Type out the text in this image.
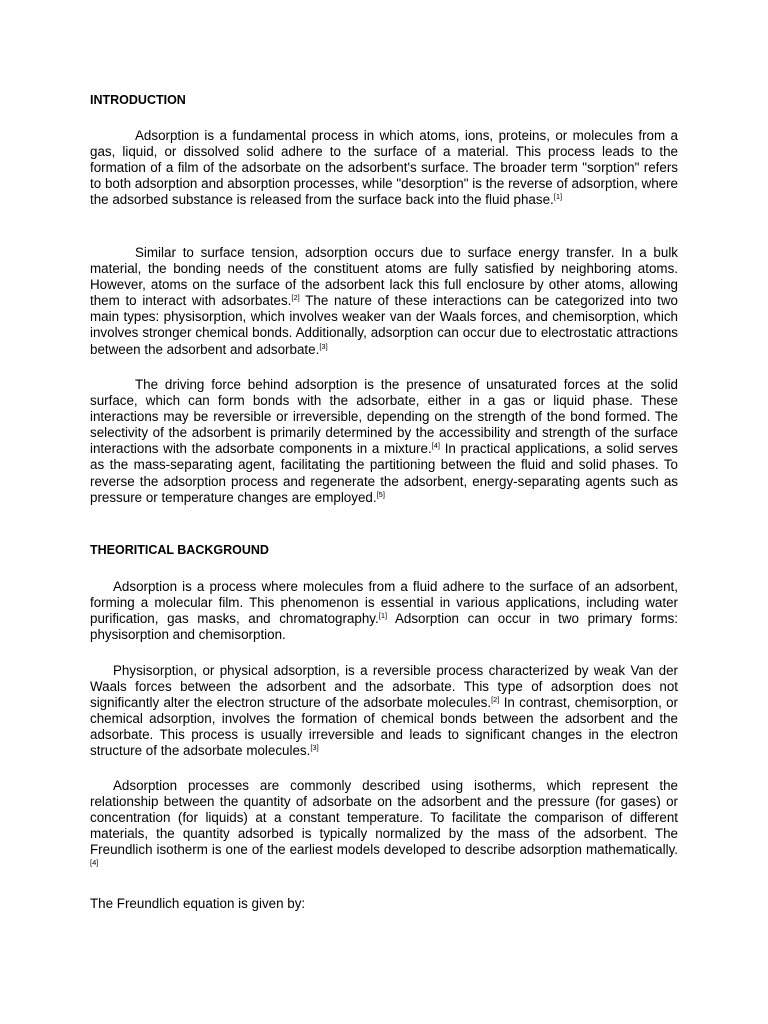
INTRODUCTION

Adsorption is a fundamental process in which atoms, ions, proteins, or molecules from a gas, liquid, or dissolved solid adhere to the surface of a material. This process leads to the formation of a film of the adsorbate on the adsorbent's surface. The broader term "sorption" refers to both adsorption and absorption processes, while "desorption" is the reverse of adsorption, where the adsorbed substance is released from the surface back into the fluid phase.[1]

Similar to surface tension, adsorption occurs due to surface energy transfer. In a bulk material, the bonding needs of the constituent atoms are fully satisfied by neighboring atoms. However, atoms on the surface of the adsorbent lack this full enclosure by other atoms, allowing them to interact with adsorbates.[2] The nature of these interactions can be categorized into two main types: physisorption, which involves weaker van der Waals forces, and chemisorption, which involves stronger chemical bonds. Additionally, adsorption can occur due to electrostatic attractions between the adsorbent and adsorbate.[3]

The driving force behind adsorption is the presence of unsaturated forces at the solid surface, which can form bonds with the adsorbate, either in a gas or liquid phase. These interactions may be reversible or irreversible, depending on the strength of the bond formed. The selectivity of the adsorbent is primarily determined by the accessibility and strength of the surface interactions with the adsorbate components in a mixture.[4] In practical applications, a solid serves as the mass-separating agent, facilitating the partitioning between the fluid and solid phases. To reverse the adsorption process and regenerate the adsorbent, energy-separating agents such as pressure or temperature changes are employed.[5]

THEORITICAL BACKGROUND

Adsorption is a process where molecules from a fluid adhere to the surface of an adsorbent, forming a molecular film. This phenomenon is essential in various applications, including water purification, gas masks, and chromatography.[1] Adsorption can occur in two primary forms: physisorption and chemisorption.

Physisorption, or physical adsorption, is a reversible process characterized by weak Van der Waals forces between the adsorbent and the adsorbate. This type of adsorption does not significantly alter the electron structure of the adsorbate molecules.[2] In contrast, chemisorption, or chemical adsorption, involves the formation of chemical bonds between the adsorbent and the adsorbate. This process is usually irreversible and leads to significant changes in the electron structure of the adsorbate molecules.[3]

Adsorption processes are commonly described using isotherms, which represent the relationship between the quantity of adsorbate on the adsorbent and the pressure (for gases) or concentration (for liquids) at a constant temperature. To facilitate the comparison of different materials, the quantity adsorbed is typically normalized by the mass of the adsorbent. The Freundlich isotherm is one of the earliest models developed to describe adsorption mathematically.[4]

The Freundlich equation is given by:
